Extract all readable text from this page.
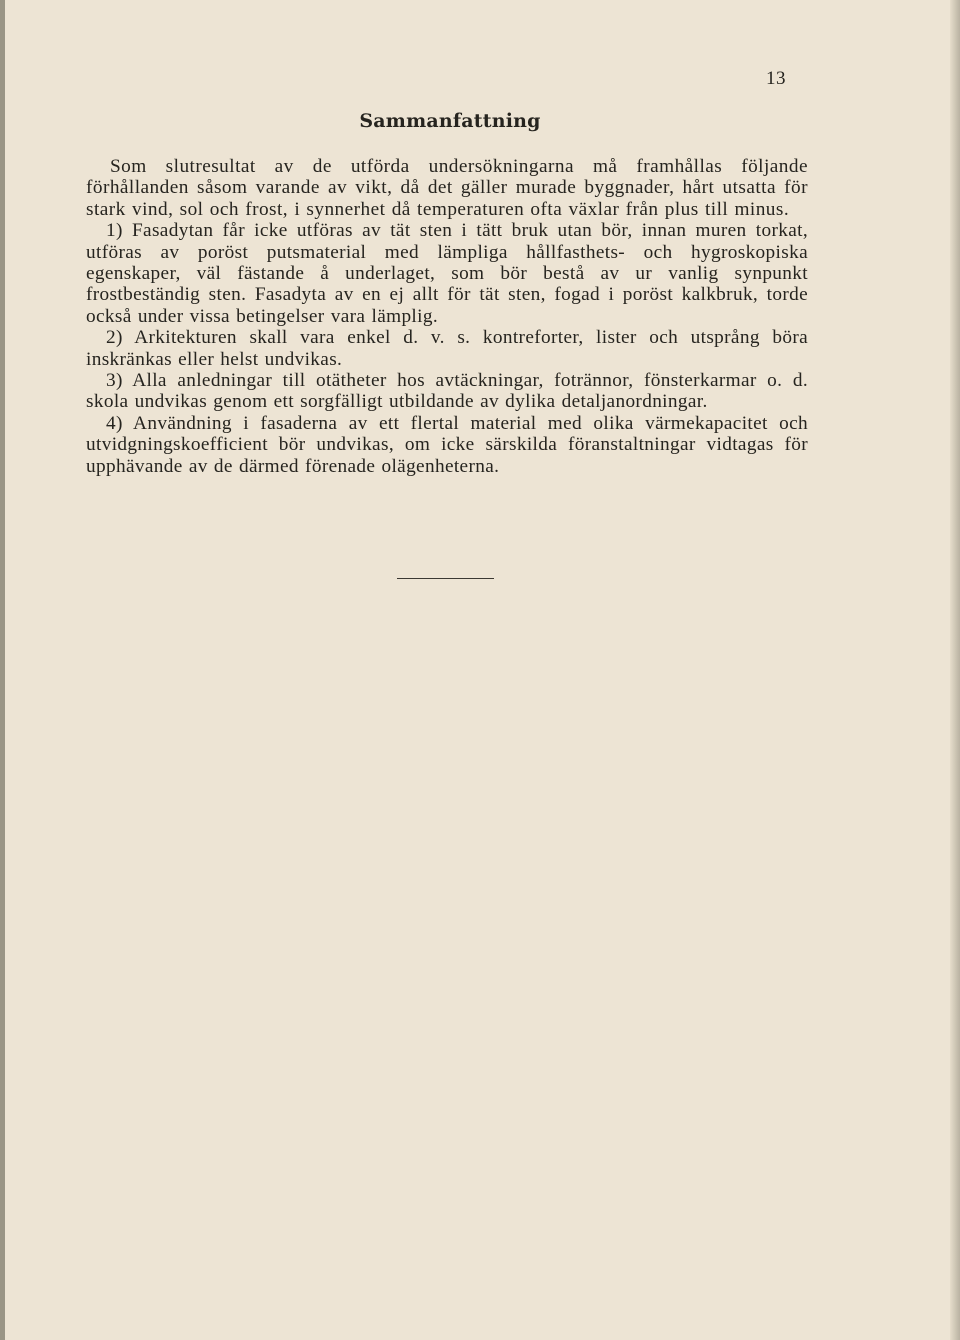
13
Sammanfattning

Som slutresultat av de utförda undersökningarna må framhållas följande förhållanden såsom varande av vikt, då det gäller murade byggnader, hårt utsatta för stark vind, sol och frost, i synnerhet då temperaturen ofta växlar från plus till minus.

1) Fasadytan får icke utföras av tät sten i tätt bruk utan bör, innan muren torkat, utföras av poröst putsmaterial med lämpliga hållfasthets- och hygroskopiska egenskaper, väl fästande å underlaget, som bör bestå av ur vanlig synpunkt frostbeständig sten. Fasadyta av en ej allt för tät sten, fogad i poröst kalkbruk, torde också under vissa betingelser vara lämplig.

2) Arkitekturen skall vara enkel d. v. s. kontreforter, lister och utsprång böra inskränkas eller helst undvikas.

3) Alla anledningar till otätheter hos avtäckningar, fotrännor, fönsterkarmar o. d. skola undvikas genom ett sorgfälligt utbildande av dylika detaljanordningar.

4) Användning i fasaderna av ett flertal material med olika värmekapacitet och utvidgningskoefficient bör undvikas, om icke särskilda föranstaltningar vidtagas för upphävande av de därmed förenade olägenheterna.
